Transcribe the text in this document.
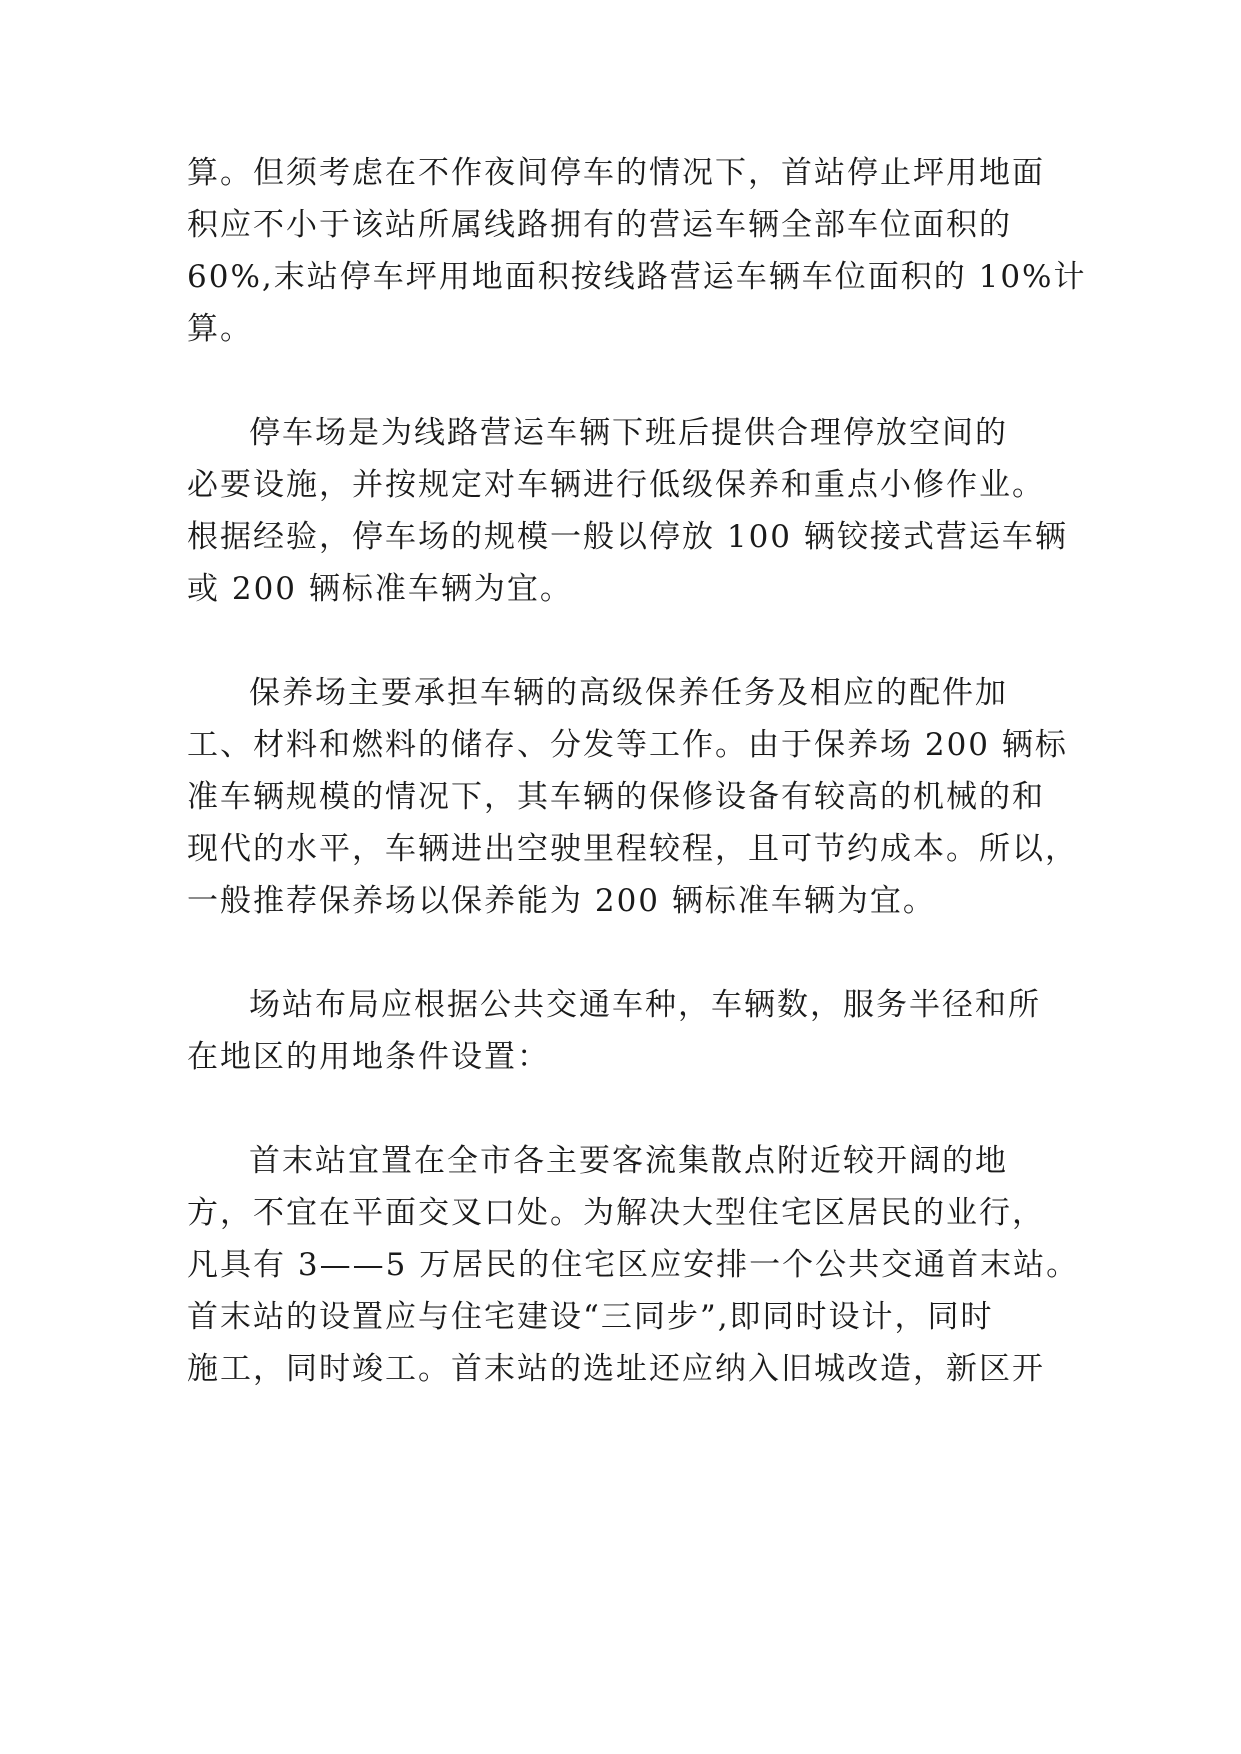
算。但须考虑在不作夜间停车的情况下，首站停止坪用地面
积应不小于该站所属线路拥有的营运车辆全部车位面积的
60%,末站停车坪用地面积按线路营运车辆车位面积的 10%计
算。
停车场是为线路营运车辆下班后提供合理停放空间的
必要设施，并按规定对车辆进行低级保养和重点小修作业。
根据经验，停车场的规模一般以停放 100 辆铰接式营运车辆
或 200 辆标准车辆为宜。
保养场主要承担车辆的高级保养任务及相应的配件加
工、材料和燃料的储存、分发等工作。由于保养场 200 辆标
准车辆规模的情况下，其车辆的保修设备有较高的机械的和
现代的水平，车辆进出空驶里程较程，且可节约成本。所以，
一般推荐保养场以保养能为 200 辆标准车辆为宜。
场站布局应根据公共交通车种，车辆数，服务半径和所
在地区的用地条件设置：
首末站宜置在全市各主要客流集散点附近较开阔的地
方，不宜在平面交叉口处。为解决大型住宅区居民的业行，
凡具有 3——5 万居民的住宅区应安排一个公共交通首末站。
首末站的设置应与住宅建设“三同步”,即同时设计，同时
施工，同时竣工。首末站的选址还应纳入旧城改造，新区开
